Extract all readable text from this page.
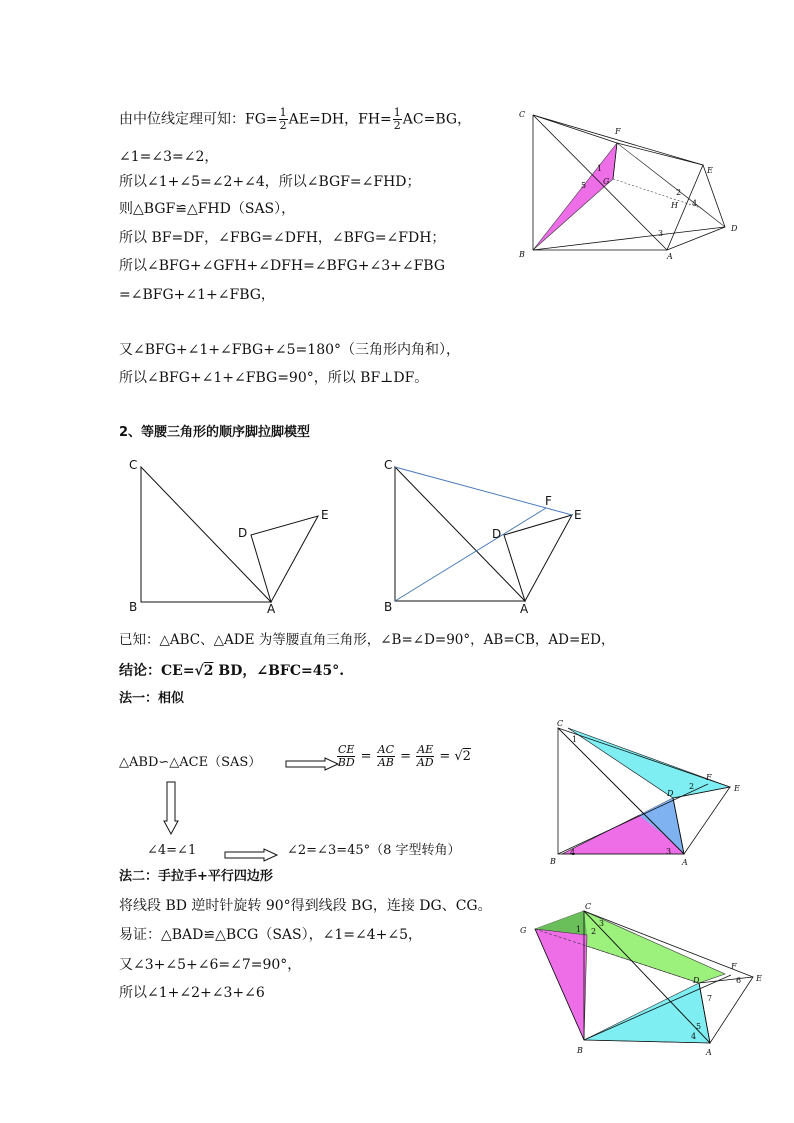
由中位线定理可知：$FG= \frac{1}{2} AE=DH$，$FH= \frac{1}{2} AC=BG$，
∠1=∠3=∠2，
所以∠1+∠5=∠2+∠4，所以∠BGF=∠FHD；
则△BGF≌△FHD（SAS），
所以 BF=DF，∠FBG=∠DFH，∠BFG=∠FDH；
所以∠BFG+∠GFH+∠DFH=∠BFG+∠3+∠FBG
=∠BFG+∠1+∠FBG，
又∠BFG+∠1+∠FBG+∠5=180°（三角形内角和），
所以∠BFG+∠1+∠FBG=90°，所以 BF⊥DF。
C
B
F
G
E
H
D
A
1
5
2
4
3
2、等腰三角形的顺序脚拉脚模型
C
B	A
D
E
C
B	A
D
E
F
已知：△ABC、△ADE 为等腰直角三角形，∠B=∠D=90°，AB=CB，AD=ED，
结论：CE=√2 BD，∠BFC=45°.
法一：相似
△ABD∽△ACE（SAS）	$\frac{CE}{BD} = \frac{AC}{AB} = \frac{AE}{AD} = √2$
∠4=∠1	∠2=∠3=45°（8 字型转角）
法二：手拉手+平行四边形
将线段 BD 逆时针旋转 90°得到线段 BG，连接 DG、CG。
易证：△BAD≌△BCG（SAS），∠1=∠4+∠5，
又∠3+∠5+∠6=∠7=90°，
所以∠1+∠2+∠3+∠6
C
B	A
D
E
F
1
2
3
4
C
G
B	A
D	E
F
1 2
3
4
5
6
7
